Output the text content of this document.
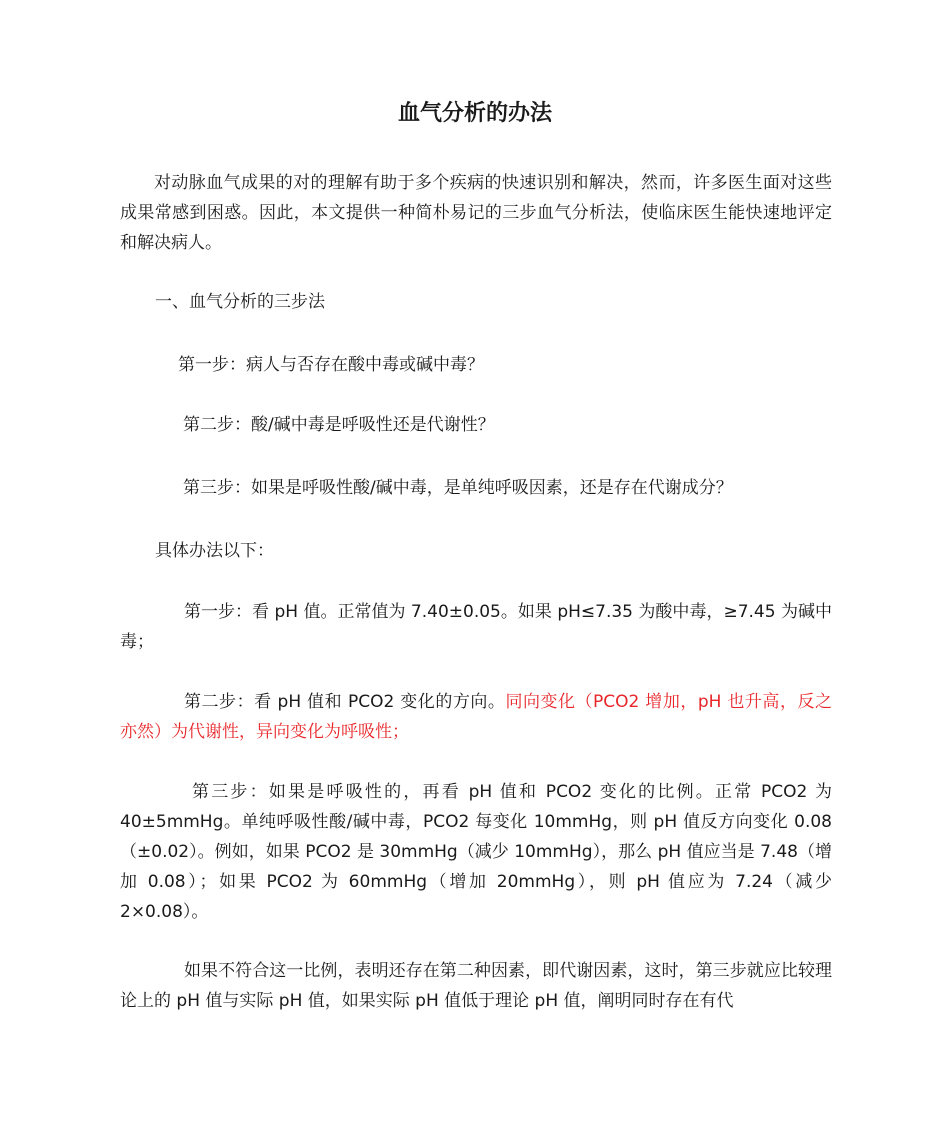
血气分析的办法

对动脉血气成果的对的理解有助于多个疾病的快速识别和解决，然而，许多医生面对这些成果常感到困惑。因此，本文提供一种简朴易记的三步血气分析法，使临床医生能快速地评定和解决病人。

一、血气分析的三步法
第一步：病人与否存在酸中毒或碱中毒？
第二步：酸/碱中毒是呼吸性还是代谢性？
第三步：如果是呼吸性酸/碱中毒，是单纯呼吸因素，还是存在代谢成分？
具体办法以下：

第一步：看 pH 值。正常值为 7.40±0.05。如果 pH≤7.35 为酸中毒，≥7.45 为碱中毒；

第二步：看 pH 值和 PCO2 变化的方向。同向变化（PCO2 增加，pH 也升高，反之亦然）为代谢性，异向变化为呼吸性；

第三步：如果是呼吸性的，再看 pH 值和 PCO2 变化的比例。正常 PCO2 为 40±5mmHg。单纯呼吸性酸/碱中毒，PCO2 每变化 10mmHg，则 pH 值反方向变化 0.08（±0.02）。例如，如果 PCO2 是 30mmHg（减少 10mmHg），那么 pH 值应当是 7.48（增加 0.08）；如果 PCO2 为 60mmHg（增加 20mmHg），则 pH 值应为 7.24（减少 2×0.08）。

如果不符合这一比例，表明还存在第二种因素，即代谢因素，这时，第三步就应比较理论上的 pH 值与实际 pH 值，如果实际 pH 值低于理论 pH 值，阐明同时存在有代
